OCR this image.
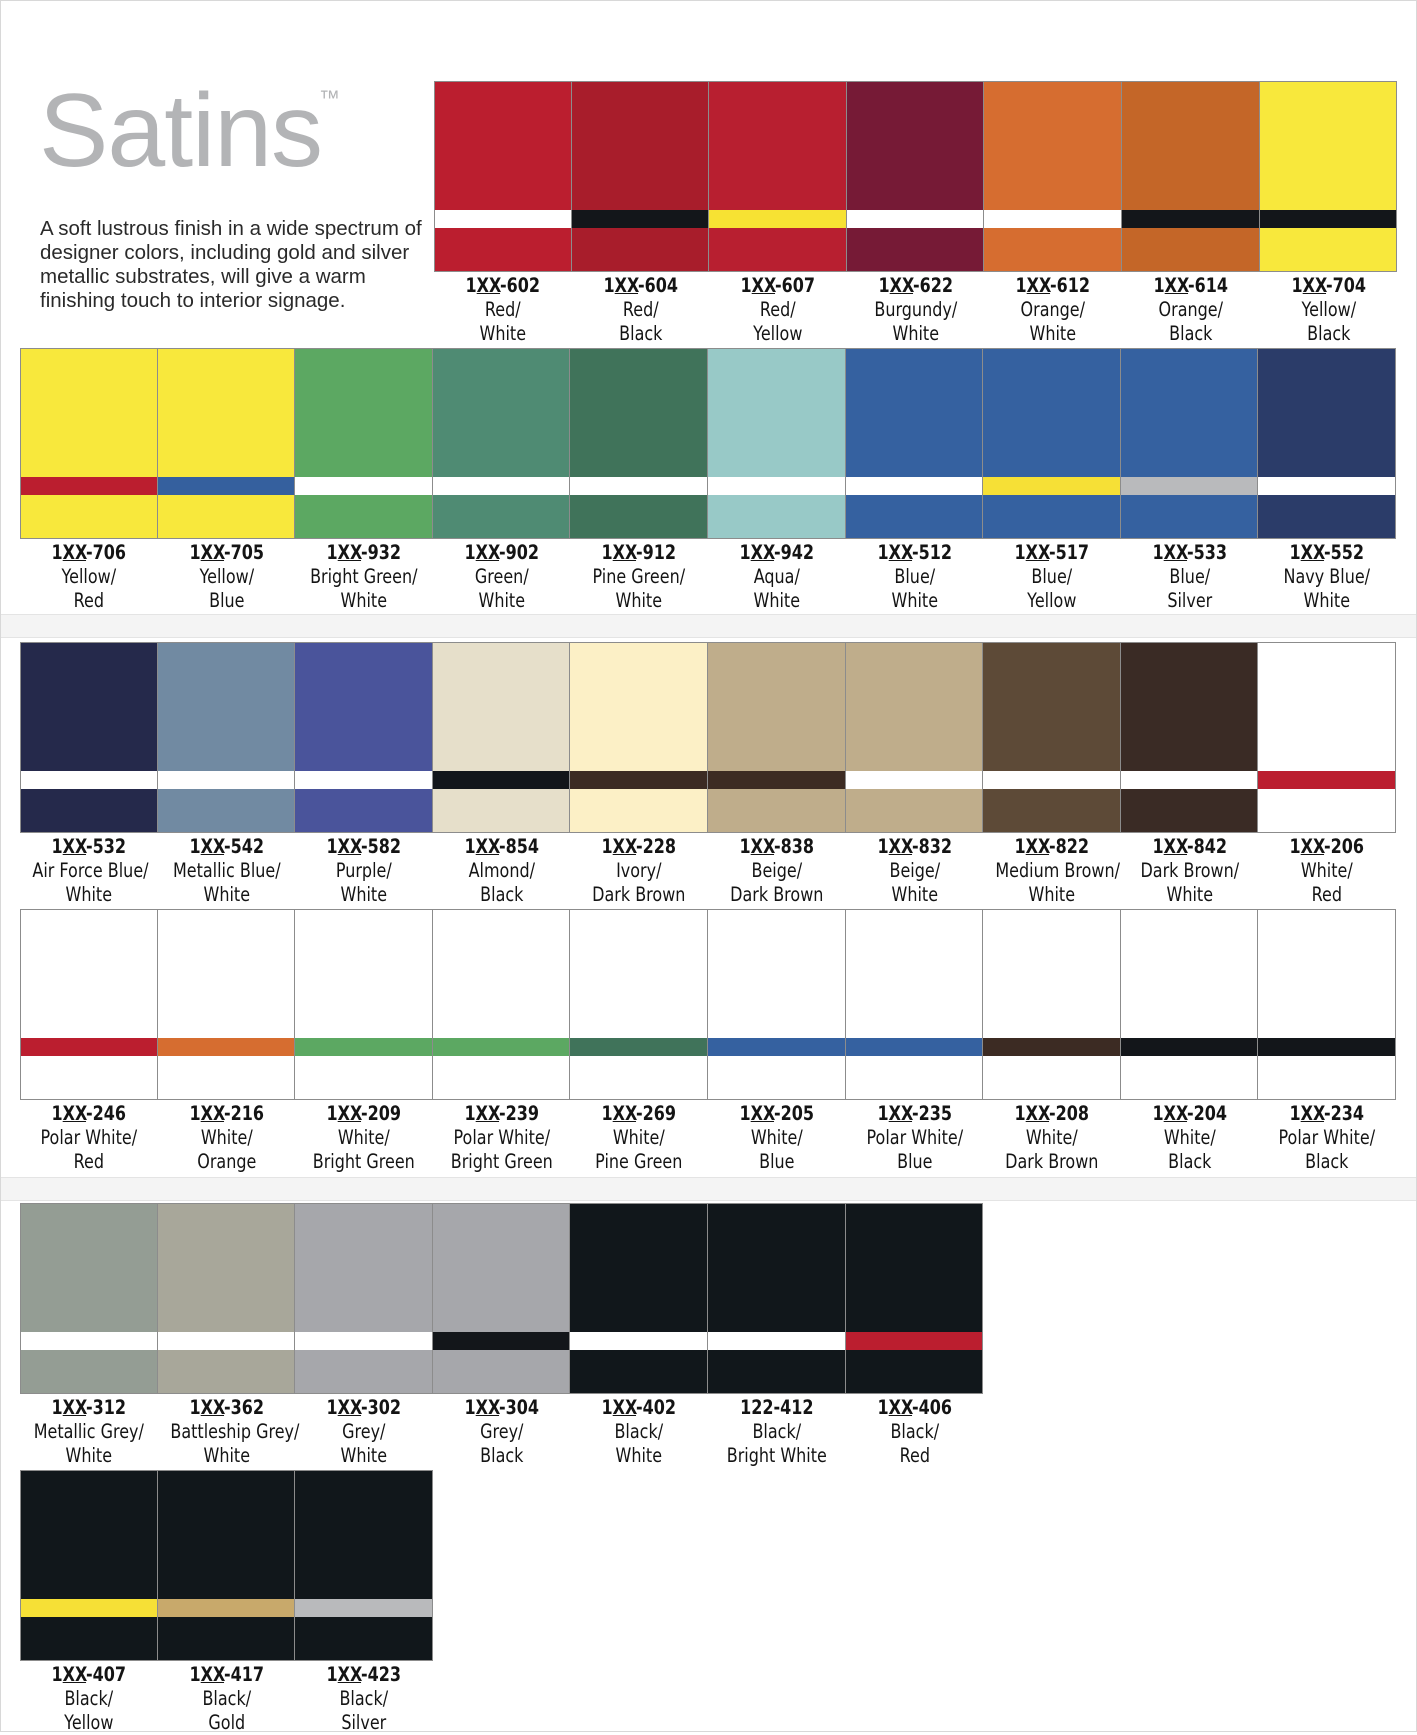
Satins
™
A soft lustrous finish in a wide spectrum of designer colors, including gold and silver metallic substrates, will give a warm finishing touch to interior signage.
1XX-602
Red/
White
1XX-604
Red/
Black
1XX-607
Red/
Yellow
1XX-622
Burgundy/
White
1XX-612
Orange/
White
1XX-614
Orange/
Black
1XX-704
Yellow/
Black
1XX-706
Yellow/
Red
1XX-705
Yellow/
Blue
1XX-932
Bright Green/
White
1XX-902
Green/
White
1XX-912
Pine Green/
White
1XX-942
Aqua/
White
1XX-512
Blue/
White
1XX-517
Blue/
Yellow
1XX-533
Blue/
Silver
1XX-552
Navy Blue/
White
1XX-532
Air Force Blue/
White
1XX-542
Metallic Blue/
White
1XX-582
Purple/
White
1XX-854
Almond/
Black
1XX-228
Ivory/
Dark Brown
1XX-838
Beige/
Dark Brown
1XX-832
Beige/
White
1XX-822
Medium Brown/
White
1XX-842
Dark Brown/
White
1XX-206
White/
Red
1XX-246
Polar White/
Red
1XX-216
White/
Orange
1XX-209
White/
Bright Green
1XX-239
Polar White/
Bright Green
1XX-269
White/
Pine Green
1XX-205
White/
Blue
1XX-235
Polar White/
Blue
1XX-208
White/
Dark Brown
1XX-204
White/
Black
1XX-234
Polar White/
Black
1XX-312
Metallic Grey/
White
1XX-362
Battleship Grey/
White
1XX-302
Grey/
White
1XX-304
Grey/
Black
1XX-402
Black/
White
122-412
Black/
Bright White
1XX-406
Black/
Red
1XX-407
Black/
Yellow
1XX-417
Black/
Gold
1XX-423
Black/
Silver
